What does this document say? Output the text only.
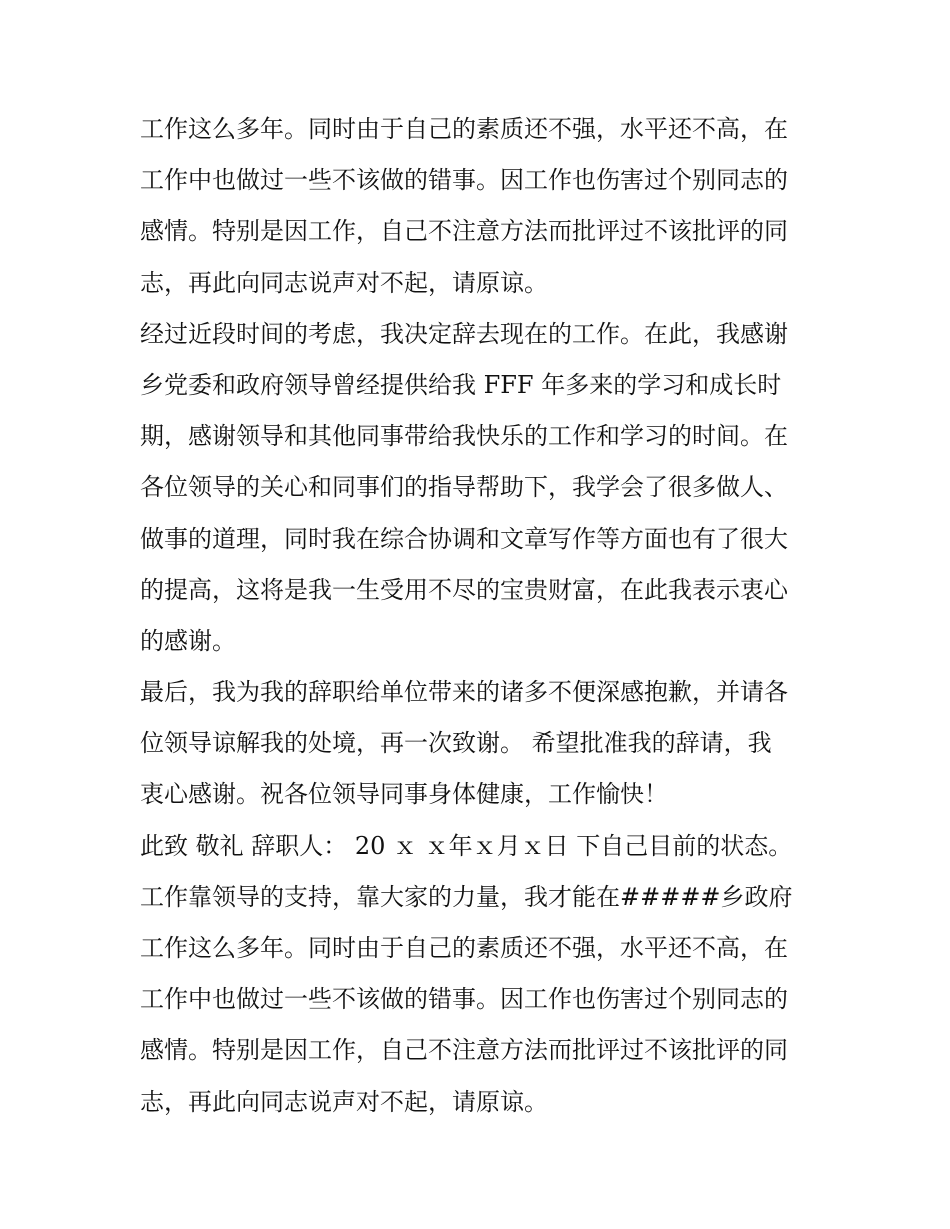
工作这么多年。同时由于自己的素质还不强，水平还不高，在
工作中也做过一些不该做的错事。因工作也伤害过个别同志的
感情。特别是因工作，自己不注意方法而批评过不该批评的同
志，再此向同志说声对不起，请原谅。
经过近段时间的考虑，我决定辞去现在的工作。在此，我感谢
乡党委和政府领导曾经提供给我 FFF 年多来的学习和成长时
期，感谢领导和其他同事带给我快乐的工作和学习的时间。在
各位领导的关心和同事们的指导帮助下，我学会了很多做人、
做事的道理，同时我在综合协调和文章写作等方面也有了很大
的提高，这将是我一生受用不尽的宝贵财富，在此我表示衷心
的感谢。
最后，我为我的辞职给单位带来的诸多不便深感抱歉，并请各
位领导谅解我的处境，再一次致谢。 希望批准我的辞请，我
衷心感谢。祝各位领导同事身体健康，工作愉快！
此致 敬礼 辞职人： 20 ｘ ｘ年ｘ月ｘ日 下自己目前的状态。
工作靠领导的支持，靠大家的力量，我才能在#####乡政府
工作这么多年。同时由于自己的素质还不强，水平还不高，在
工作中也做过一些不该做的错事。因工作也伤害过个别同志的
感情。特别是因工作，自己不注意方法而批评过不该批评的同
志，再此向同志说声对不起，请原谅。
